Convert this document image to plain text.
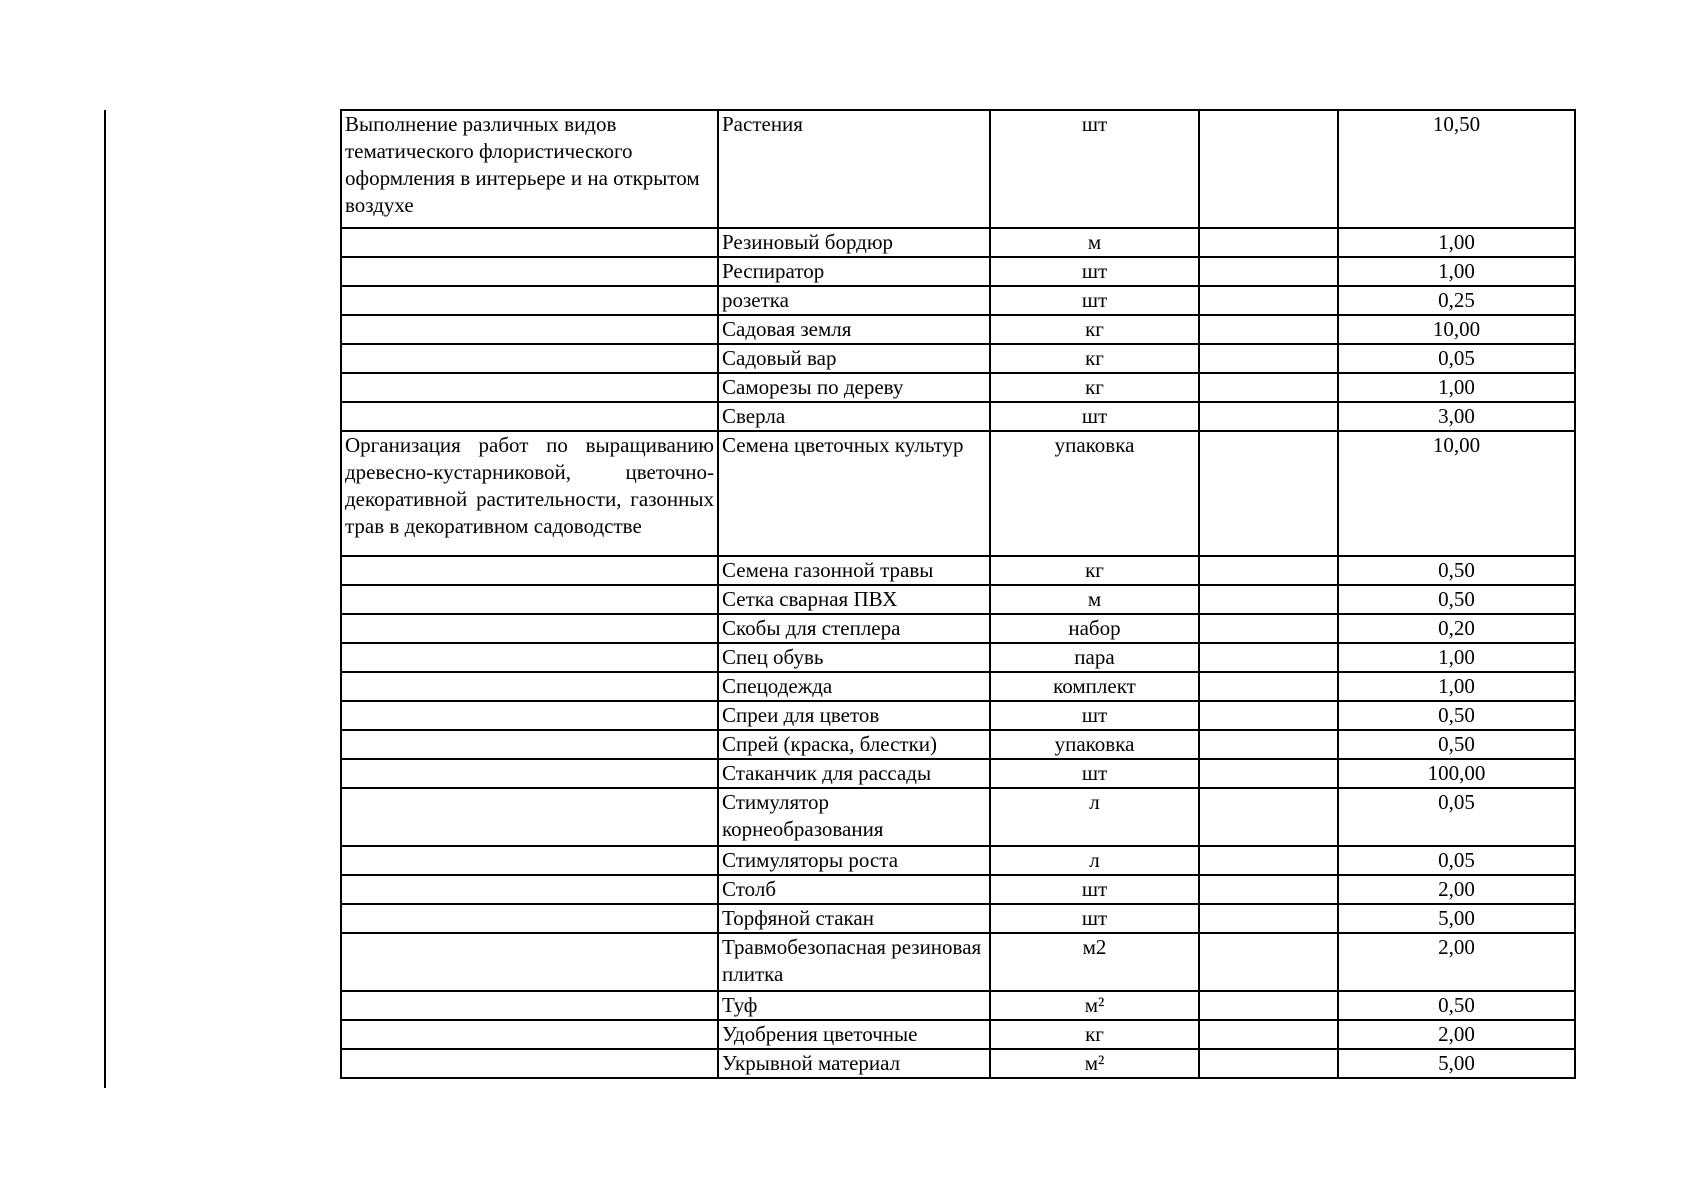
Выполнение различных видов тематического флористического оформления в интерьере и на открытом воздухе	Растения	шт		10,50
	Резиновый бордюр	м		1,00
	Респиратор	шт		1,00
	розетка	шт		0,25
	Садовая земля	кг		10,00
	Садовый вар	кг		0,05
	Саморезы по дереву	кг		1,00
	Сверла	шт		3,00
Организация работ по выращиванию древесно-кустарниковой, цветочно-декоративной растительности, газонных трав в декоративном садоводстве	Семена цветочных культур	упаковка		10,00
	Семена газонной травы	кг		0,50
	Сетка сварная ПВХ	м		0,50
	Скобы для степлера	набор		0,20
	Спец обувь	пара		1,00
	Спецодежда	комплект		1,00
	Спреи для цветов	шт		0,50
	Спрей (краска, блестки)	упаковка		0,50
	Стаканчик для рассады	шт		100,00
	Стимулятор корнеобразования	л		0,05
	Стимуляторы роста	л		0,05
	Столб	шт		2,00
	Торфяной стакан	шт		5,00
	Травмобезопасная резиновая плитка	м2		2,00
	Туф	м²		0,50
	Удобрения цветочные	кг		2,00
	Укрывной материал	м²		5,00
